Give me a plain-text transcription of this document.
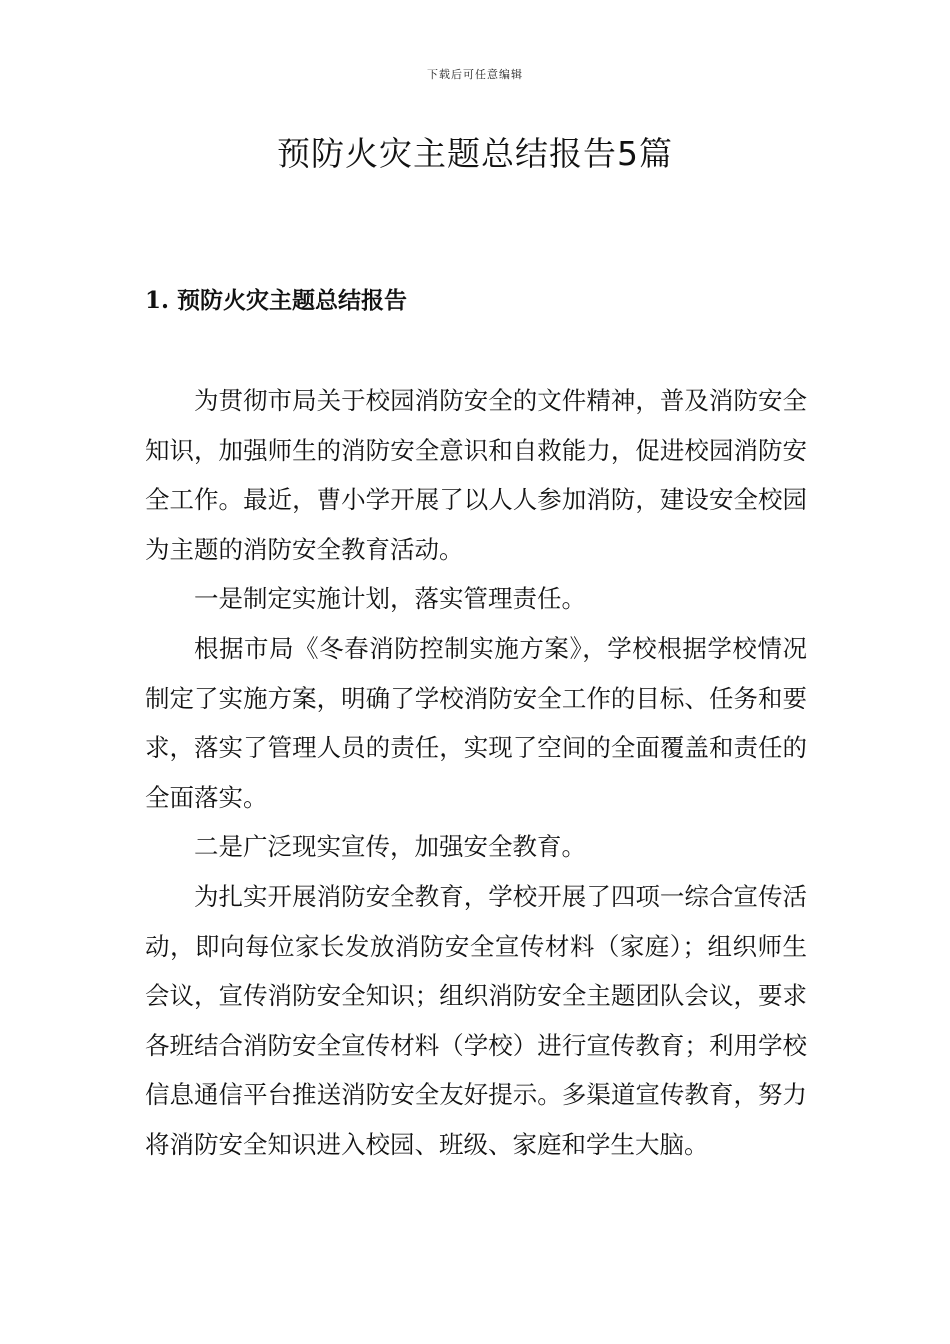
下载后可任意编辑
预防火灾主题总结报告5篇
1. 预防火灾主题总结报告

为贯彻市局关于校园消防安全的文件精神，普及消防安全知识，加强师生的消防安全意识和自救能力，促进校园消防安全工作。最近，曹小学开展了以人人参加消防，建设安全校园为主题的消防安全教育活动。

一是制定实施计划，落实管理责任。

根据市局《冬春消防控制实施方案》，学校根据学校情况制定了实施方案，明确了学校消防安全工作的目标、任务和要求，落实了管理人员的责任，实现了空间的全面覆盖和责任的全面落实。

二是广泛现实宣传，加强安全教育。

为扎实开展消防安全教育，学校开展了四项一综合宣传活动，即向每位家长发放消防安全宣传材料（家庭）；组织师生会议，宣传消防安全知识；组织消防安全主题团队会议，要求各班结合消防安全宣传材料（学校）进行宣传教育；利用学校信息通信平台推送消防安全友好提示。多渠道宣传教育，努力将消防安全知识进入校园、班级、家庭和学生大脑。
